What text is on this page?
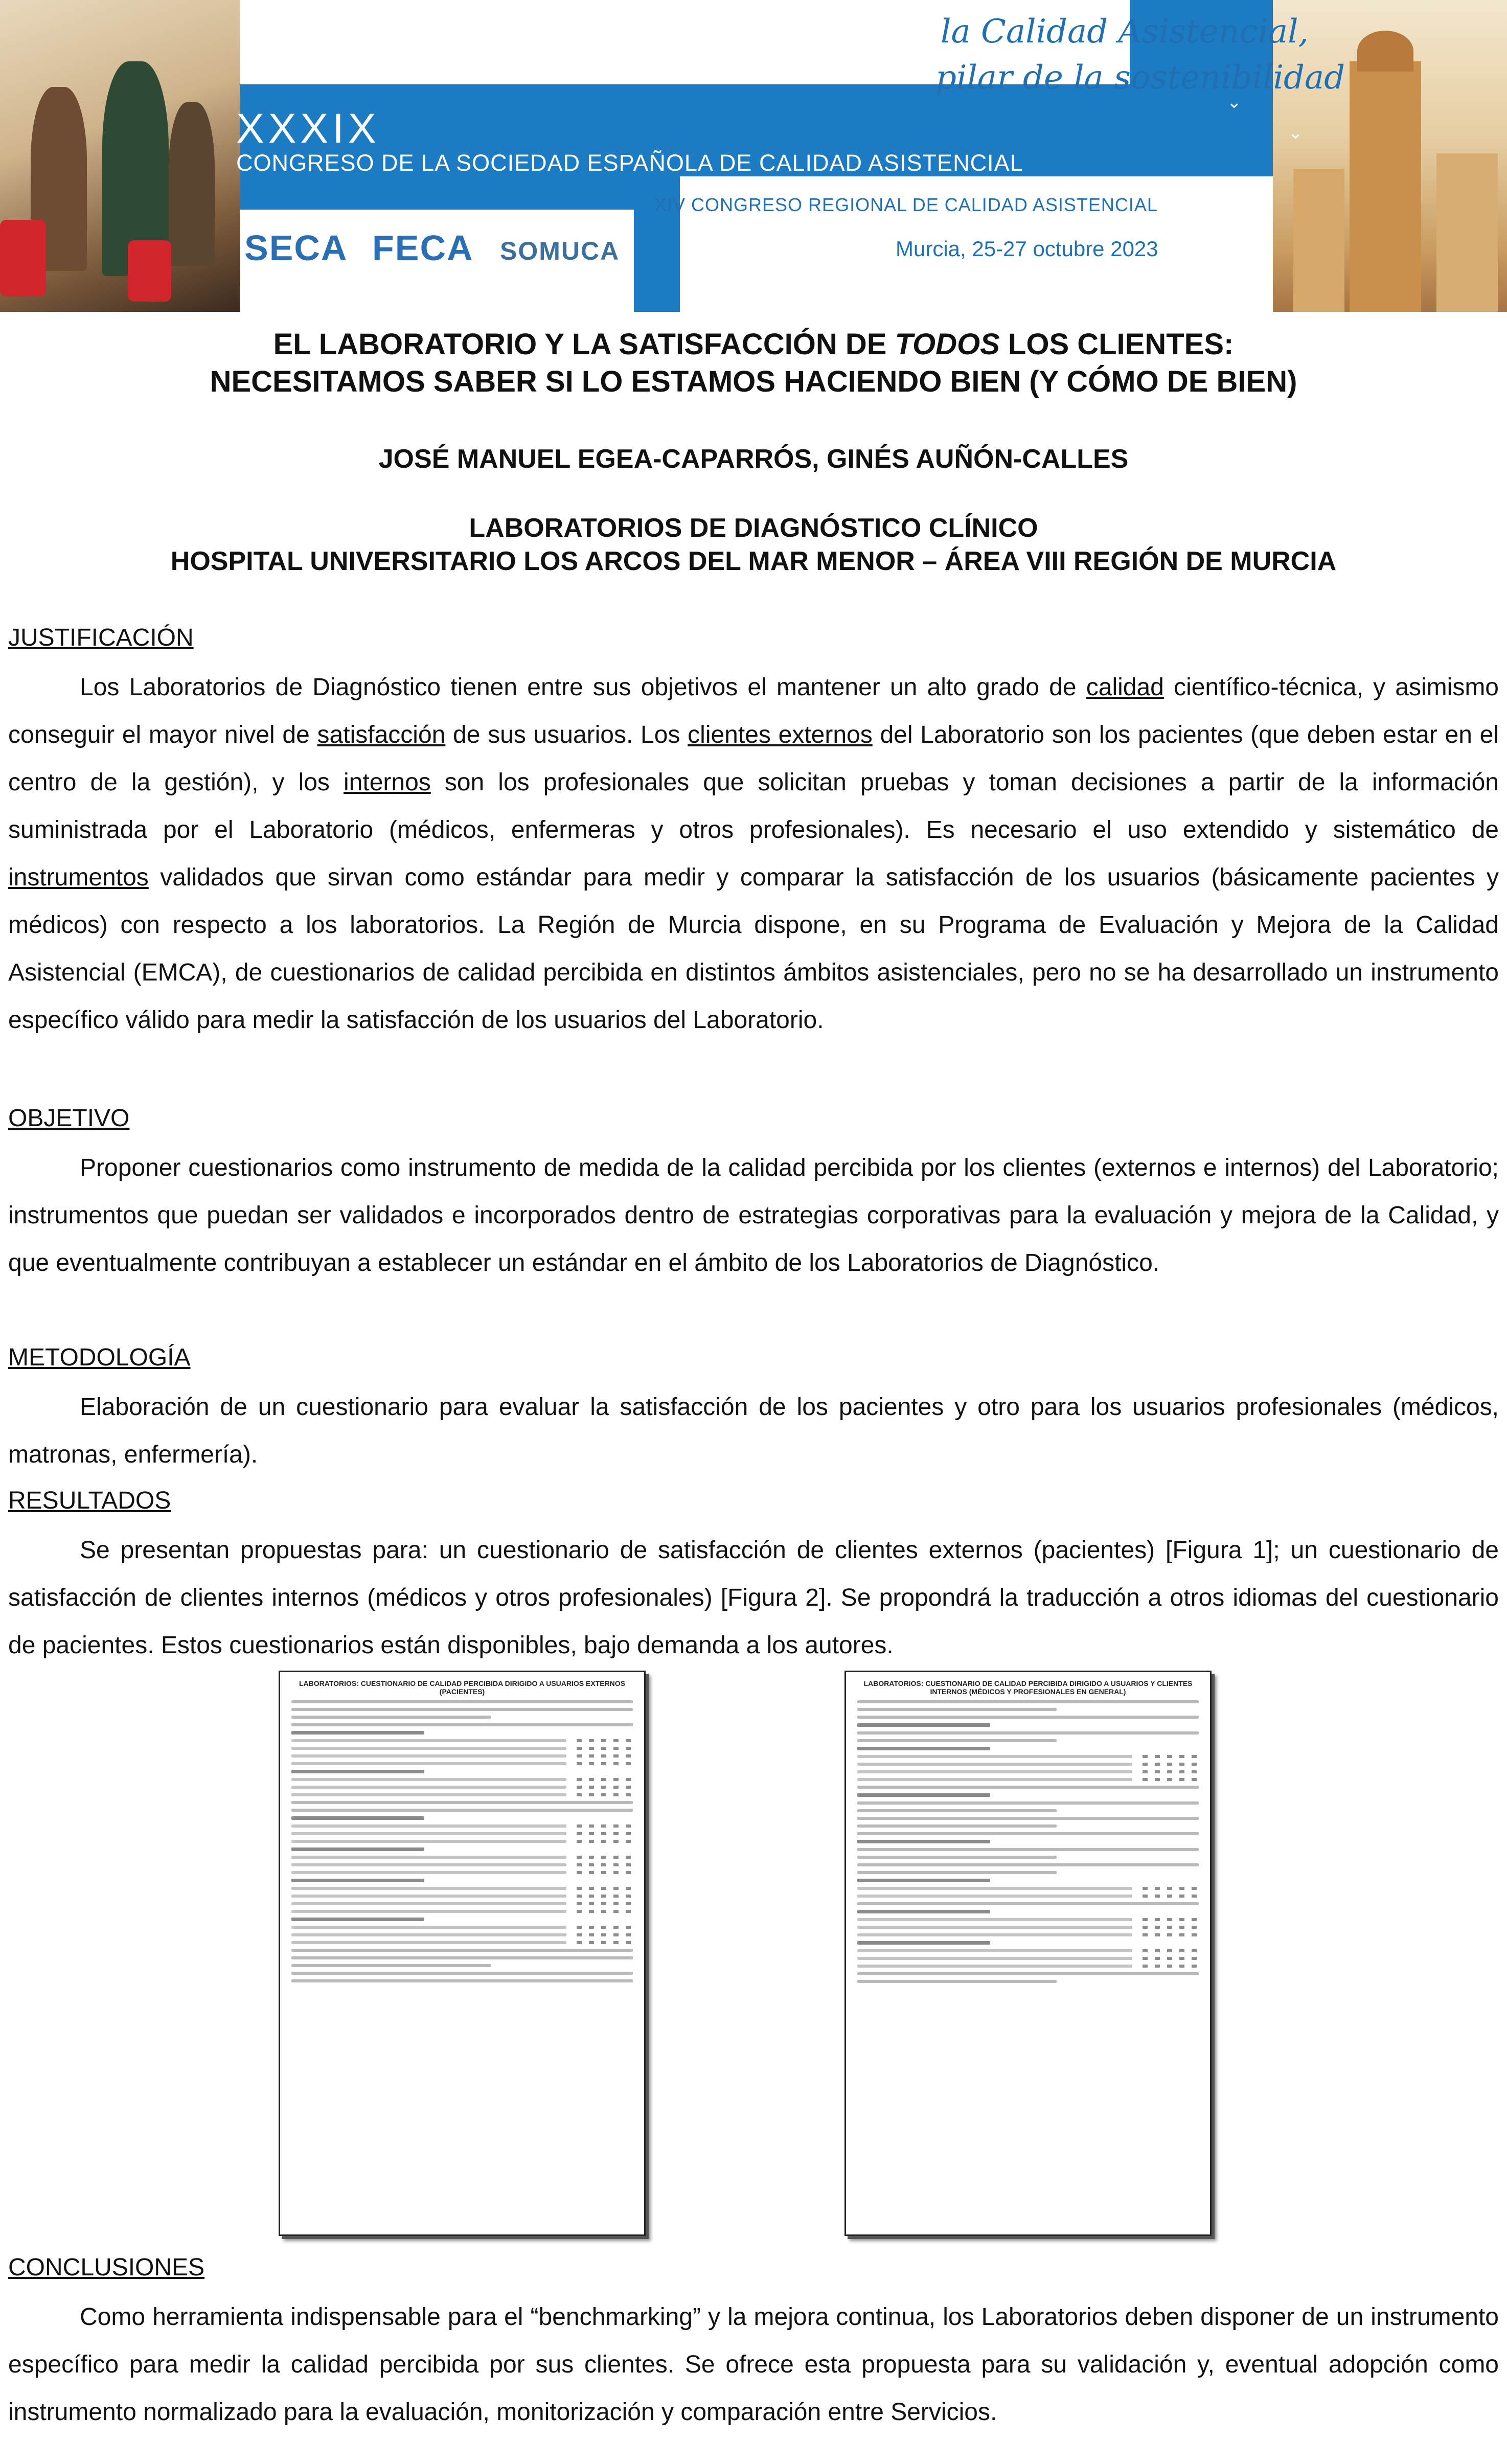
la Calidad Asistencial,
pilar de la sostenibilidad
XXXIX
CONGRESO DE LA SOCIEDAD ESPAÑOLA DE CALIDAD ASISTENCIAL
XIV CONGRESO REGIONAL DE CALIDAD ASISTENCIAL
Murcia, 25-27 octubre 2023
SECA FECA SOMUCA
⌄
⌄
EL LABORATORIO Y LA SATISFACCIÓN DE TODOS LOS CLIENTES:
NECESITAMOS SABER SI LO ESTAMOS HACIENDO BIEN (Y CÓMO DE BIEN)
JOSÉ MANUEL EGEA-CAPARRÓS, GINÉS AUÑÓN-CALLES
LABORATORIOS DE DIAGNÓSTICO CLÍNICO
HOSPITAL UNIVERSITARIO LOS ARCOS DEL MAR MENOR – ÁREA VIII REGIÓN DE MURCIA
JUSTIFICACIÓN

Los Laboratorios de Diagnóstico tienen entre sus objetivos el mantener un alto grado de calidad científico-técnica, y asimismo conseguir el mayor nivel de satisfacción de sus usuarios. Los clientes externos del Laboratorio son los pacientes (que deben estar en el centro de la gestión), y los internos son los profesionales que solicitan pruebas y toman decisiones a partir de la información suministrada por el Laboratorio (médicos, enfermeras y otros profesionales). Es necesario el uso extendido y sistemático de instrumentos validados que sirvan como estándar para medir y comparar la satisfacción de los usuarios (básicamente pacientes y médicos) con respecto a los laboratorios. La Región de Murcia dispone, en su Programa de Evaluación y Mejora de la Calidad Asistencial (EMCA), de cuestionarios de calidad percibida en distintos ámbitos asistenciales, pero no se ha desarrollado un instrumento específico válido para medir la satisfacción de los usuarios del Laboratorio.

OBJETIVO

Proponer cuestionarios como instrumento de medida de la calidad percibida por los clientes (externos e internos) del Laboratorio; instrumentos que puedan ser validados e incorporados dentro de estrategias corporativas para la evaluación y mejora de la Calidad, y que eventualmente contribuyan a establecer un estándar en el ámbito de los Laboratorios de Diagnóstico.

METODOLOGÍA

Elaboración de un cuestionario para evaluar la satisfacción de los pacientes y otro para los usuarios profesionales (médicos, matronas, enfermería).

RESULTADOS

Se presentan propuestas para: un cuestionario de satisfacción de clientes externos (pacientes) [Figura 1]; un cuestionario de satisfacción de clientes internos (médicos y otros profesionales) [Figura 2]. Se propondrá la traducción a otros idiomas del cuestionario de pacientes. Estos cuestionarios están disponibles, bajo demanda a los autores.

LABORATORIOS: CUESTIONARIO DE CALIDAD PERCIBIDA DIRIGIDO A USUARIOS EXTERNOS (PACIENTES)
LABORATORIOS: CUESTIONARIO DE CALIDAD PERCIBIDA DIRIGIDO A USUARIOS Y CLIENTES INTERNOS (MÉDICOS Y PROFESIONALES EN GENERAL)
CONCLUSIONES

Como herramienta indispensable para el “benchmarking” y la mejora continua, los Laboratorios deben disponer de un instrumento específico para medir la calidad percibida por sus clientes. Se ofrece esta propuesta para su validación y, eventual adopción como instrumento normalizado para la evaluación, monitorización y comparación entre Servicios.
